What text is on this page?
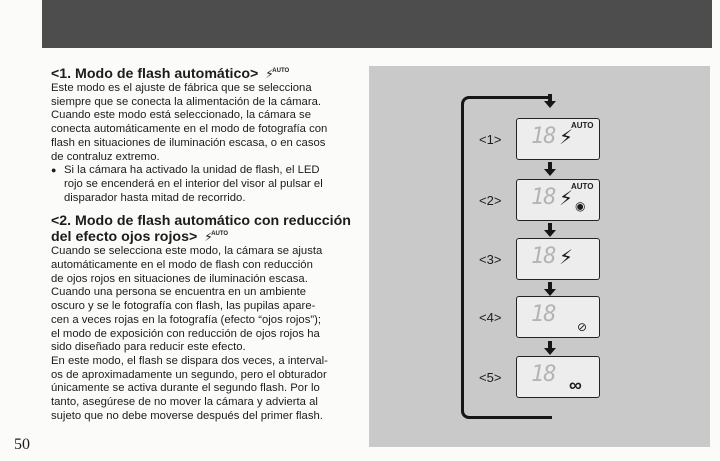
<1. Modo de flash automático> $^{⚡ AUTO}$

Este modo es el ajuste de fábrica que se selecciona
siempre que se conecta la alimentación de la cámara.
Cuando este modo está seleccionado, la cámara se
conecta automáticamente en el modo de fotografía con
flash en situaciones de iluminación escasa, o en casos
de contraluz extremo.

● Si la cámara ha activado la unidad de flash, el LED
rojo se encenderá en el interior del visor al pulsar el
disparador hasta mitad de recorrido.
<2. Modo de flash automático con reducción
del efecto ojos rojos> $^{⚡ AUTO}$

Cuando se selecciona este modo, la cámara se ajusta
automáticamente en el modo de flash con reducción
de ojos rojos en situaciones de iluminación escasa.
Cuando una persona se encuentra en un ambiente
oscuro y se le fotografía con flash, las pupilas apare-
cen a veces rojas en la fotografía (efecto “ojos rojos”);
el modo de exposición con reducción de ojos rojos ha
sido diseñado para reducir este efecto.
En este modo, el flash se dispara dos veces, a interval-
os de aproximadamente un segundo, pero el obturador
únicamente se activa durante el segundo flash. Por lo
tanto, asegúrese de no mover la cámara y advierta al
sujeto que no debe moverse después del primer flash.

50
<1> 18 ⚡
AUTO
<2> 18 ⚡
AUTO
◉
<3> 18 ⚡
<4> 18 ⊘
<5> 18 ∞
